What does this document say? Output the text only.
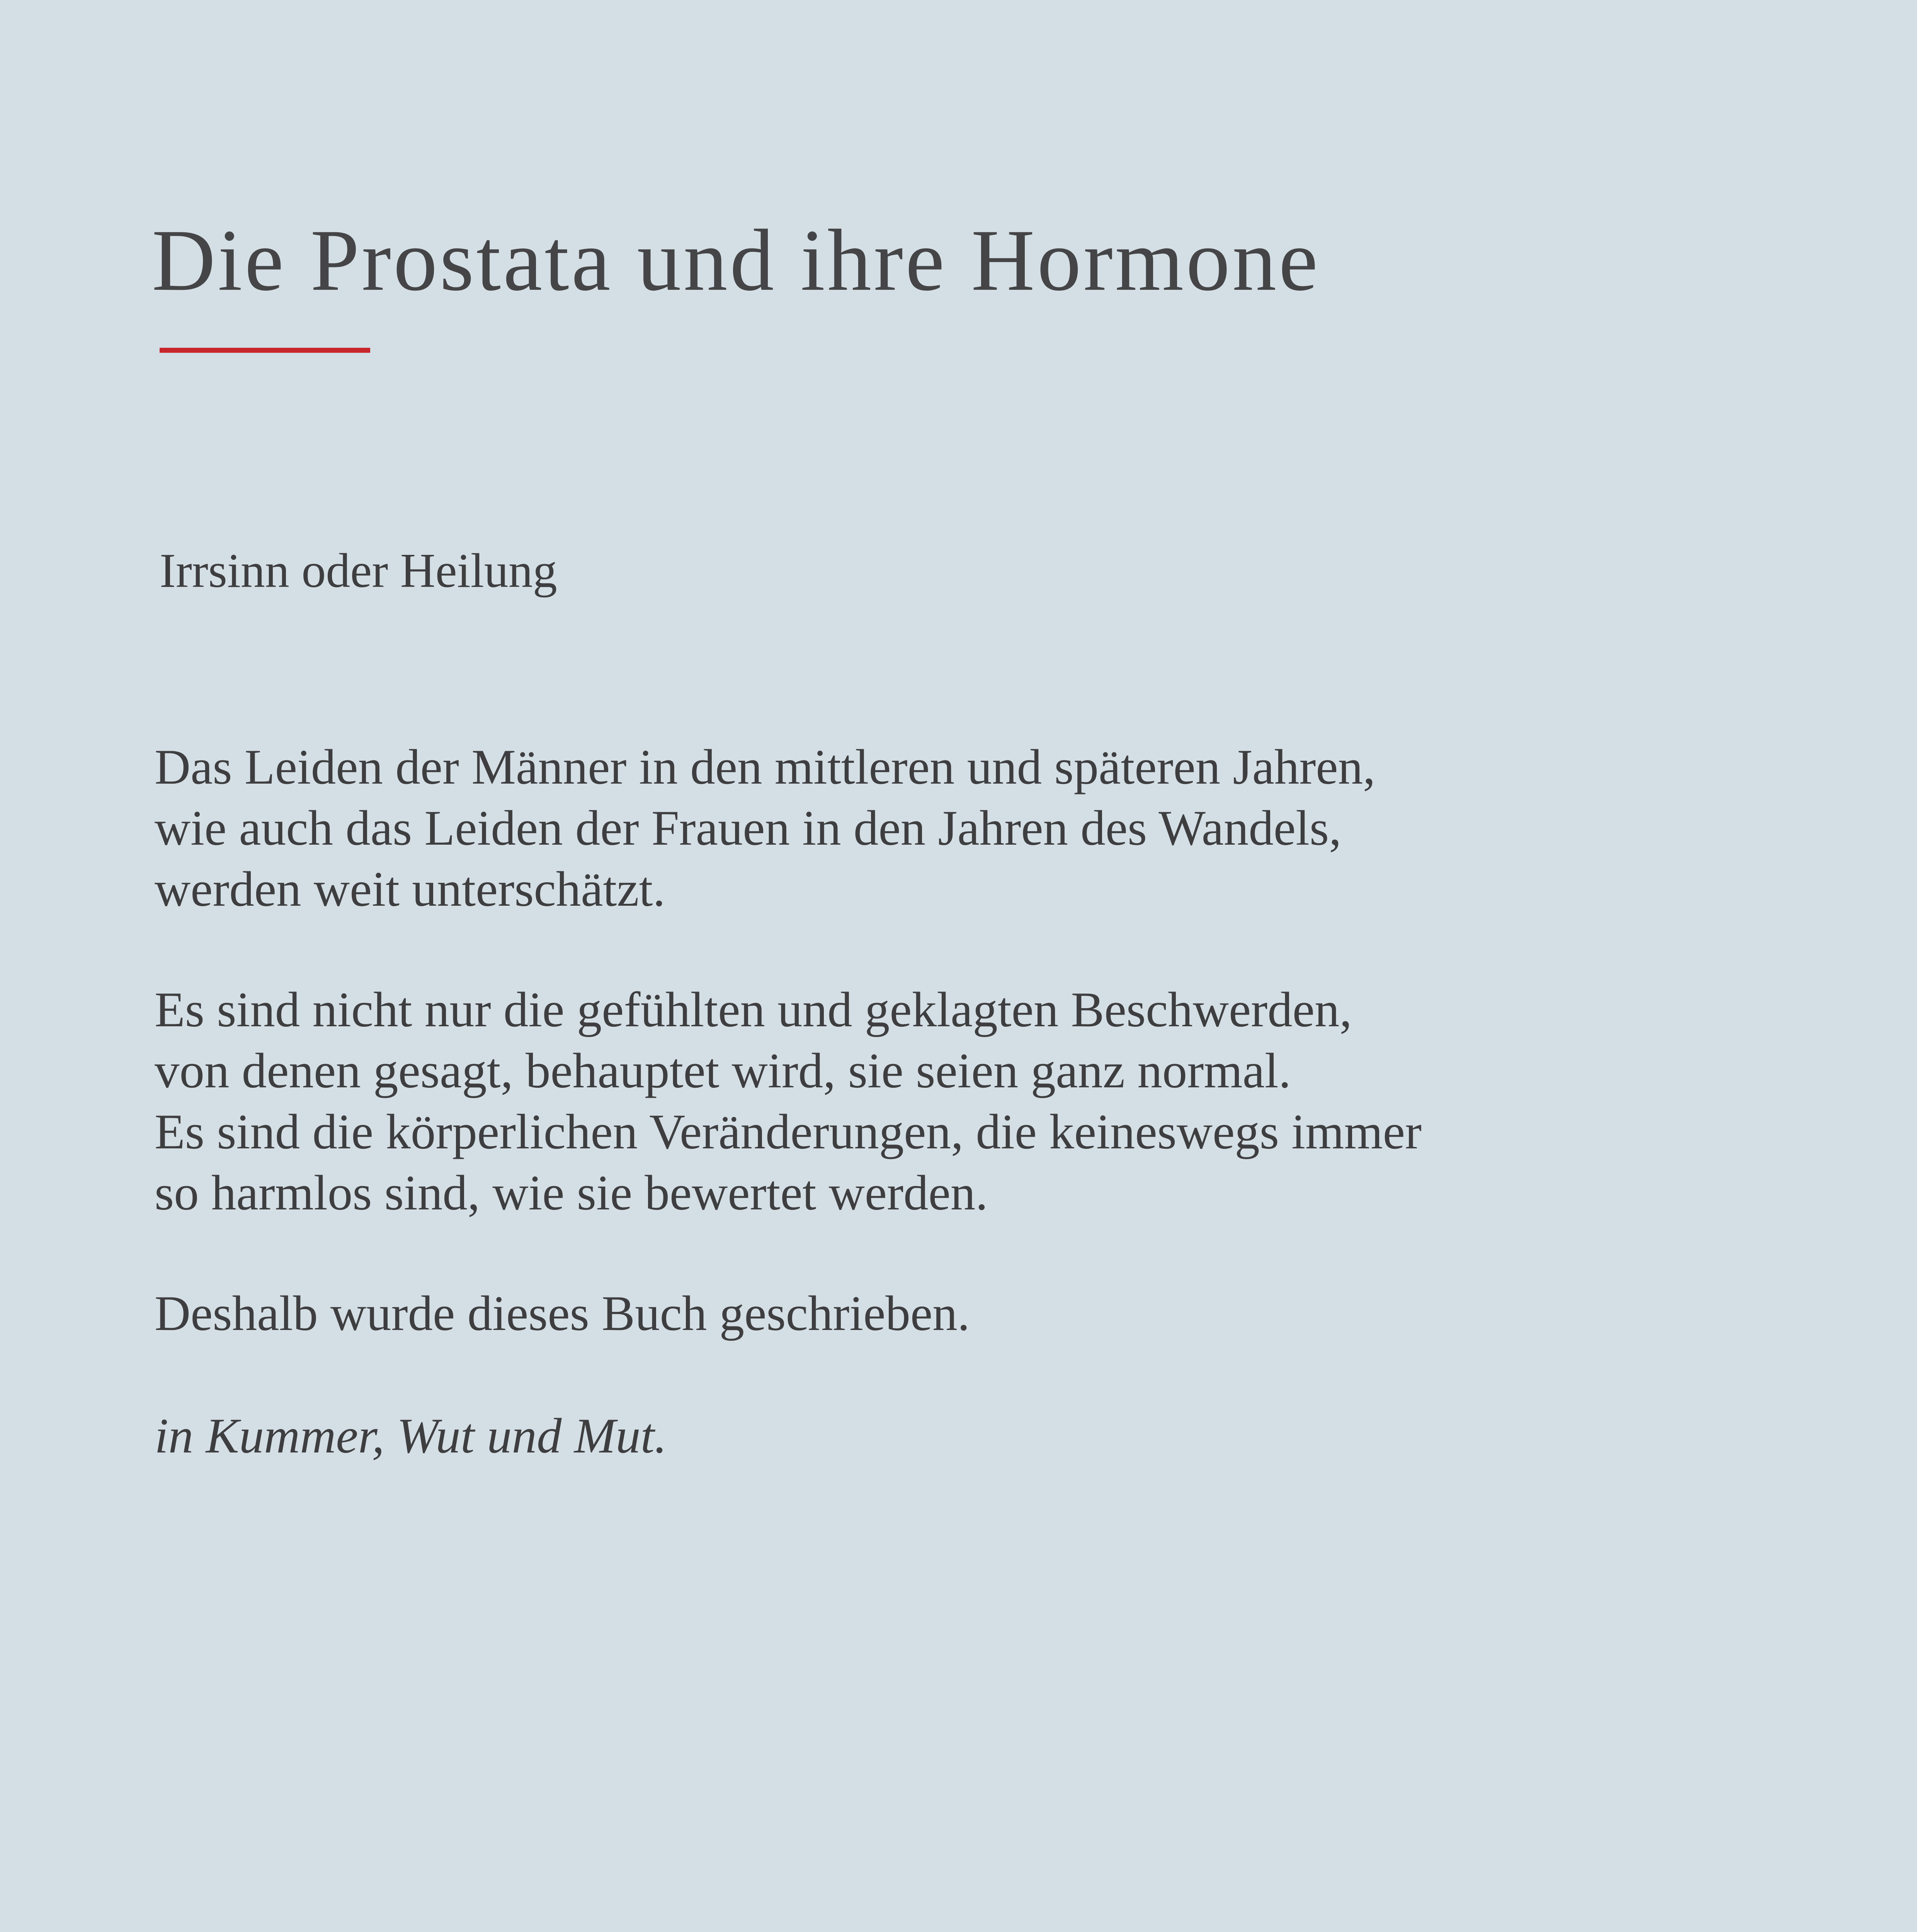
Die Prostata und ihre Hormone
Irrsinn oder Heilung
Das Leiden der Männer in den mittleren und späteren Jahren,
wie auch das Leiden der Frauen in den Jahren des Wandels,
werden weit unterschätzt.
Es sind nicht nur die gefühlten und geklagten Beschwerden,
von denen gesagt, behauptet wird, sie seien ganz normal.
Es sind die körperlichen Veränderungen, die keineswegs immer
so harmlos sind, wie sie bewertet werden.
Deshalb wurde dieses Buch geschrieben.
in Kummer, Wut und Mut.
